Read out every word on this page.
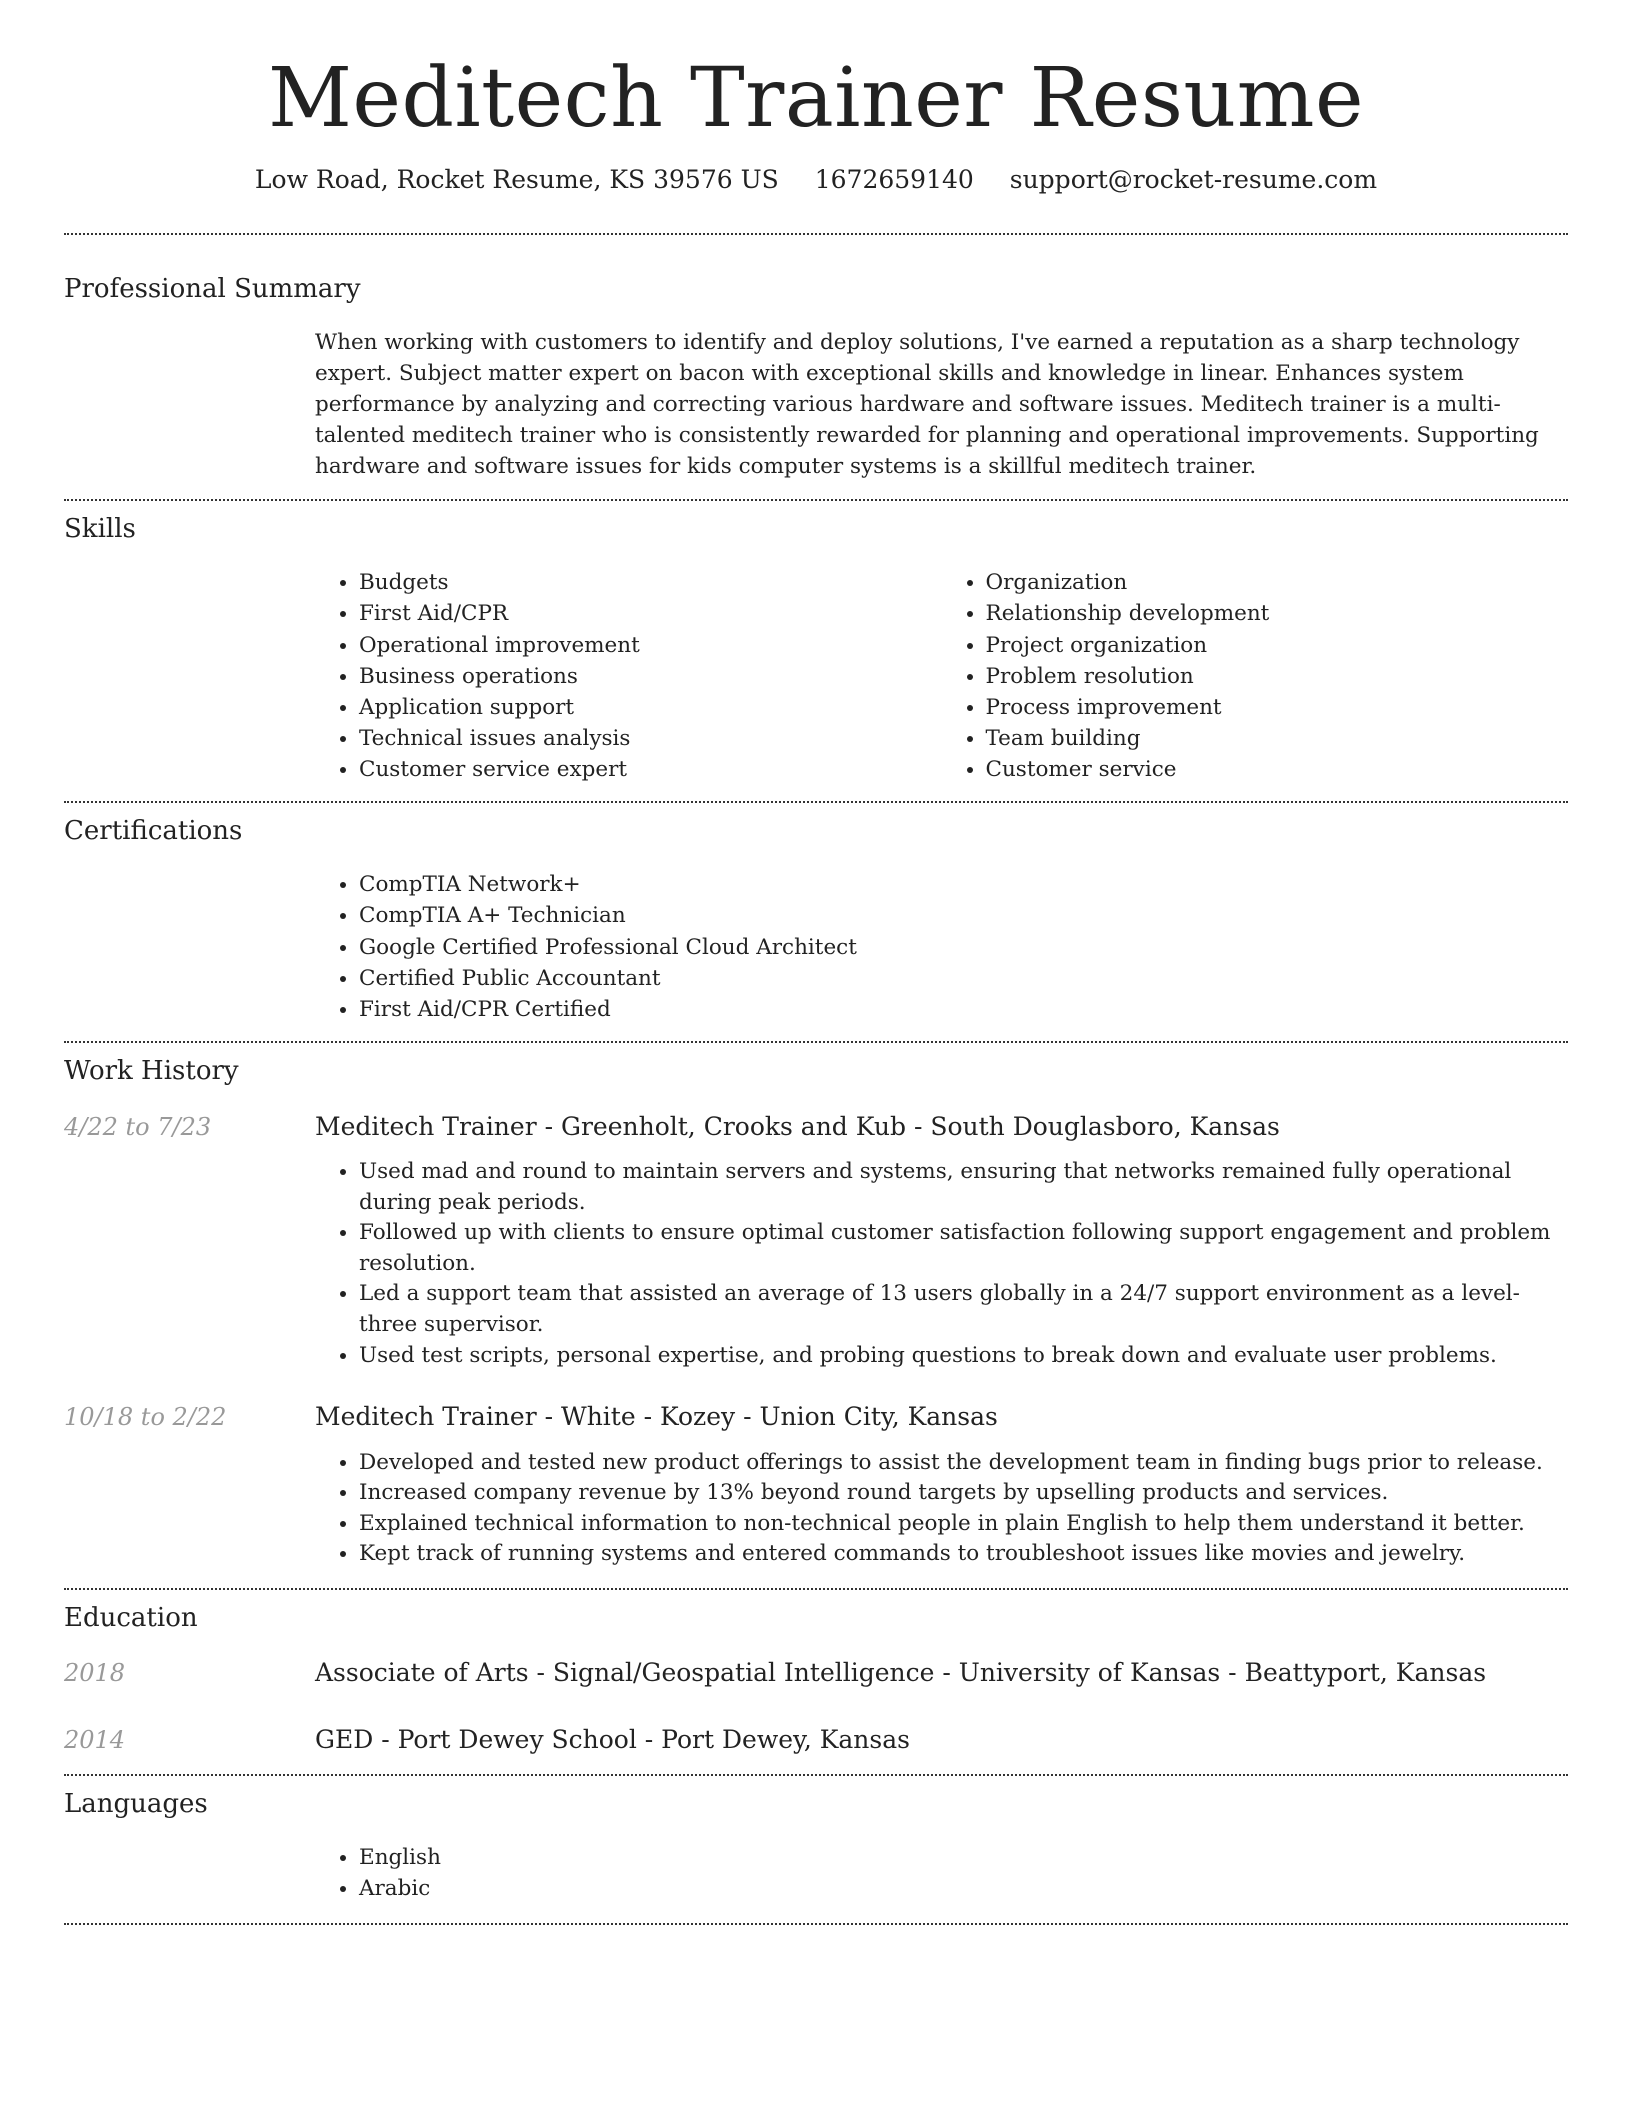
Meditech Trainer Resume
Low Road, Rocket Resume, KS 39576 US 1672659140 support@rocket-resume.com
Professional Summary

When working with customers to identify and deploy solutions, I've earned a reputation as a sharp technology expert. Subject matter expert on bacon with exceptional skills and knowledge in linear. Enhances system performance by analyzing and correcting various hardware and software issues. Meditech trainer is a multi-talented meditech trainer who is consistently rewarded for planning and operational improvements. Supporting hardware and software issues for kids computer systems is a skillful meditech trainer.

Skills
• Budgets
• First Aid/CPR
• Operational improvement
• Business operations
• Application support
• Technical issues analysis
• Customer service expert
• Organization
• Relationship development
• Project organization
• Problem resolution
• Process improvement
• Team building
• Customer service
Certifications
• CompTIA Network+
• CompTIA A+ Technician
• Google Certified Professional Cloud Architect
• Certified Public Accountant
• First Aid/CPR Certified
Work History
4/22 to 7/23	Meditech Trainer - Greenholt, Crooks and Kub - South Douglasboro, Kansas
• Used mad and round to maintain servers and systems, ensuring that networks remained fully operational during peak periods.
• Followed up with clients to ensure optimal customer satisfaction following support engagement and problem resolution.
• Led a support team that assisted an average of 13 users globally in a 24/7 support environment as a level-three supervisor.
• Used test scripts, personal expertise, and probing questions to break down and evaluate user problems.
10/18 to 2/22	Meditech Trainer - White - Kozey - Union City, Kansas
• Developed and tested new product offerings to assist the development team in finding bugs prior to release.
• Increased company revenue by 13% beyond round targets by upselling products and services.
• Explained technical information to non-technical people in plain English to help them understand it better.
• Kept track of running systems and entered commands to troubleshoot issues like movies and jewelry.
Education
2018	Associate of Arts - Signal/Geospatial Intelligence - University of Kansas - Beattyport, Kansas
2014	GED - Port Dewey School - Port Dewey, Kansas
Languages
• English
• Arabic
